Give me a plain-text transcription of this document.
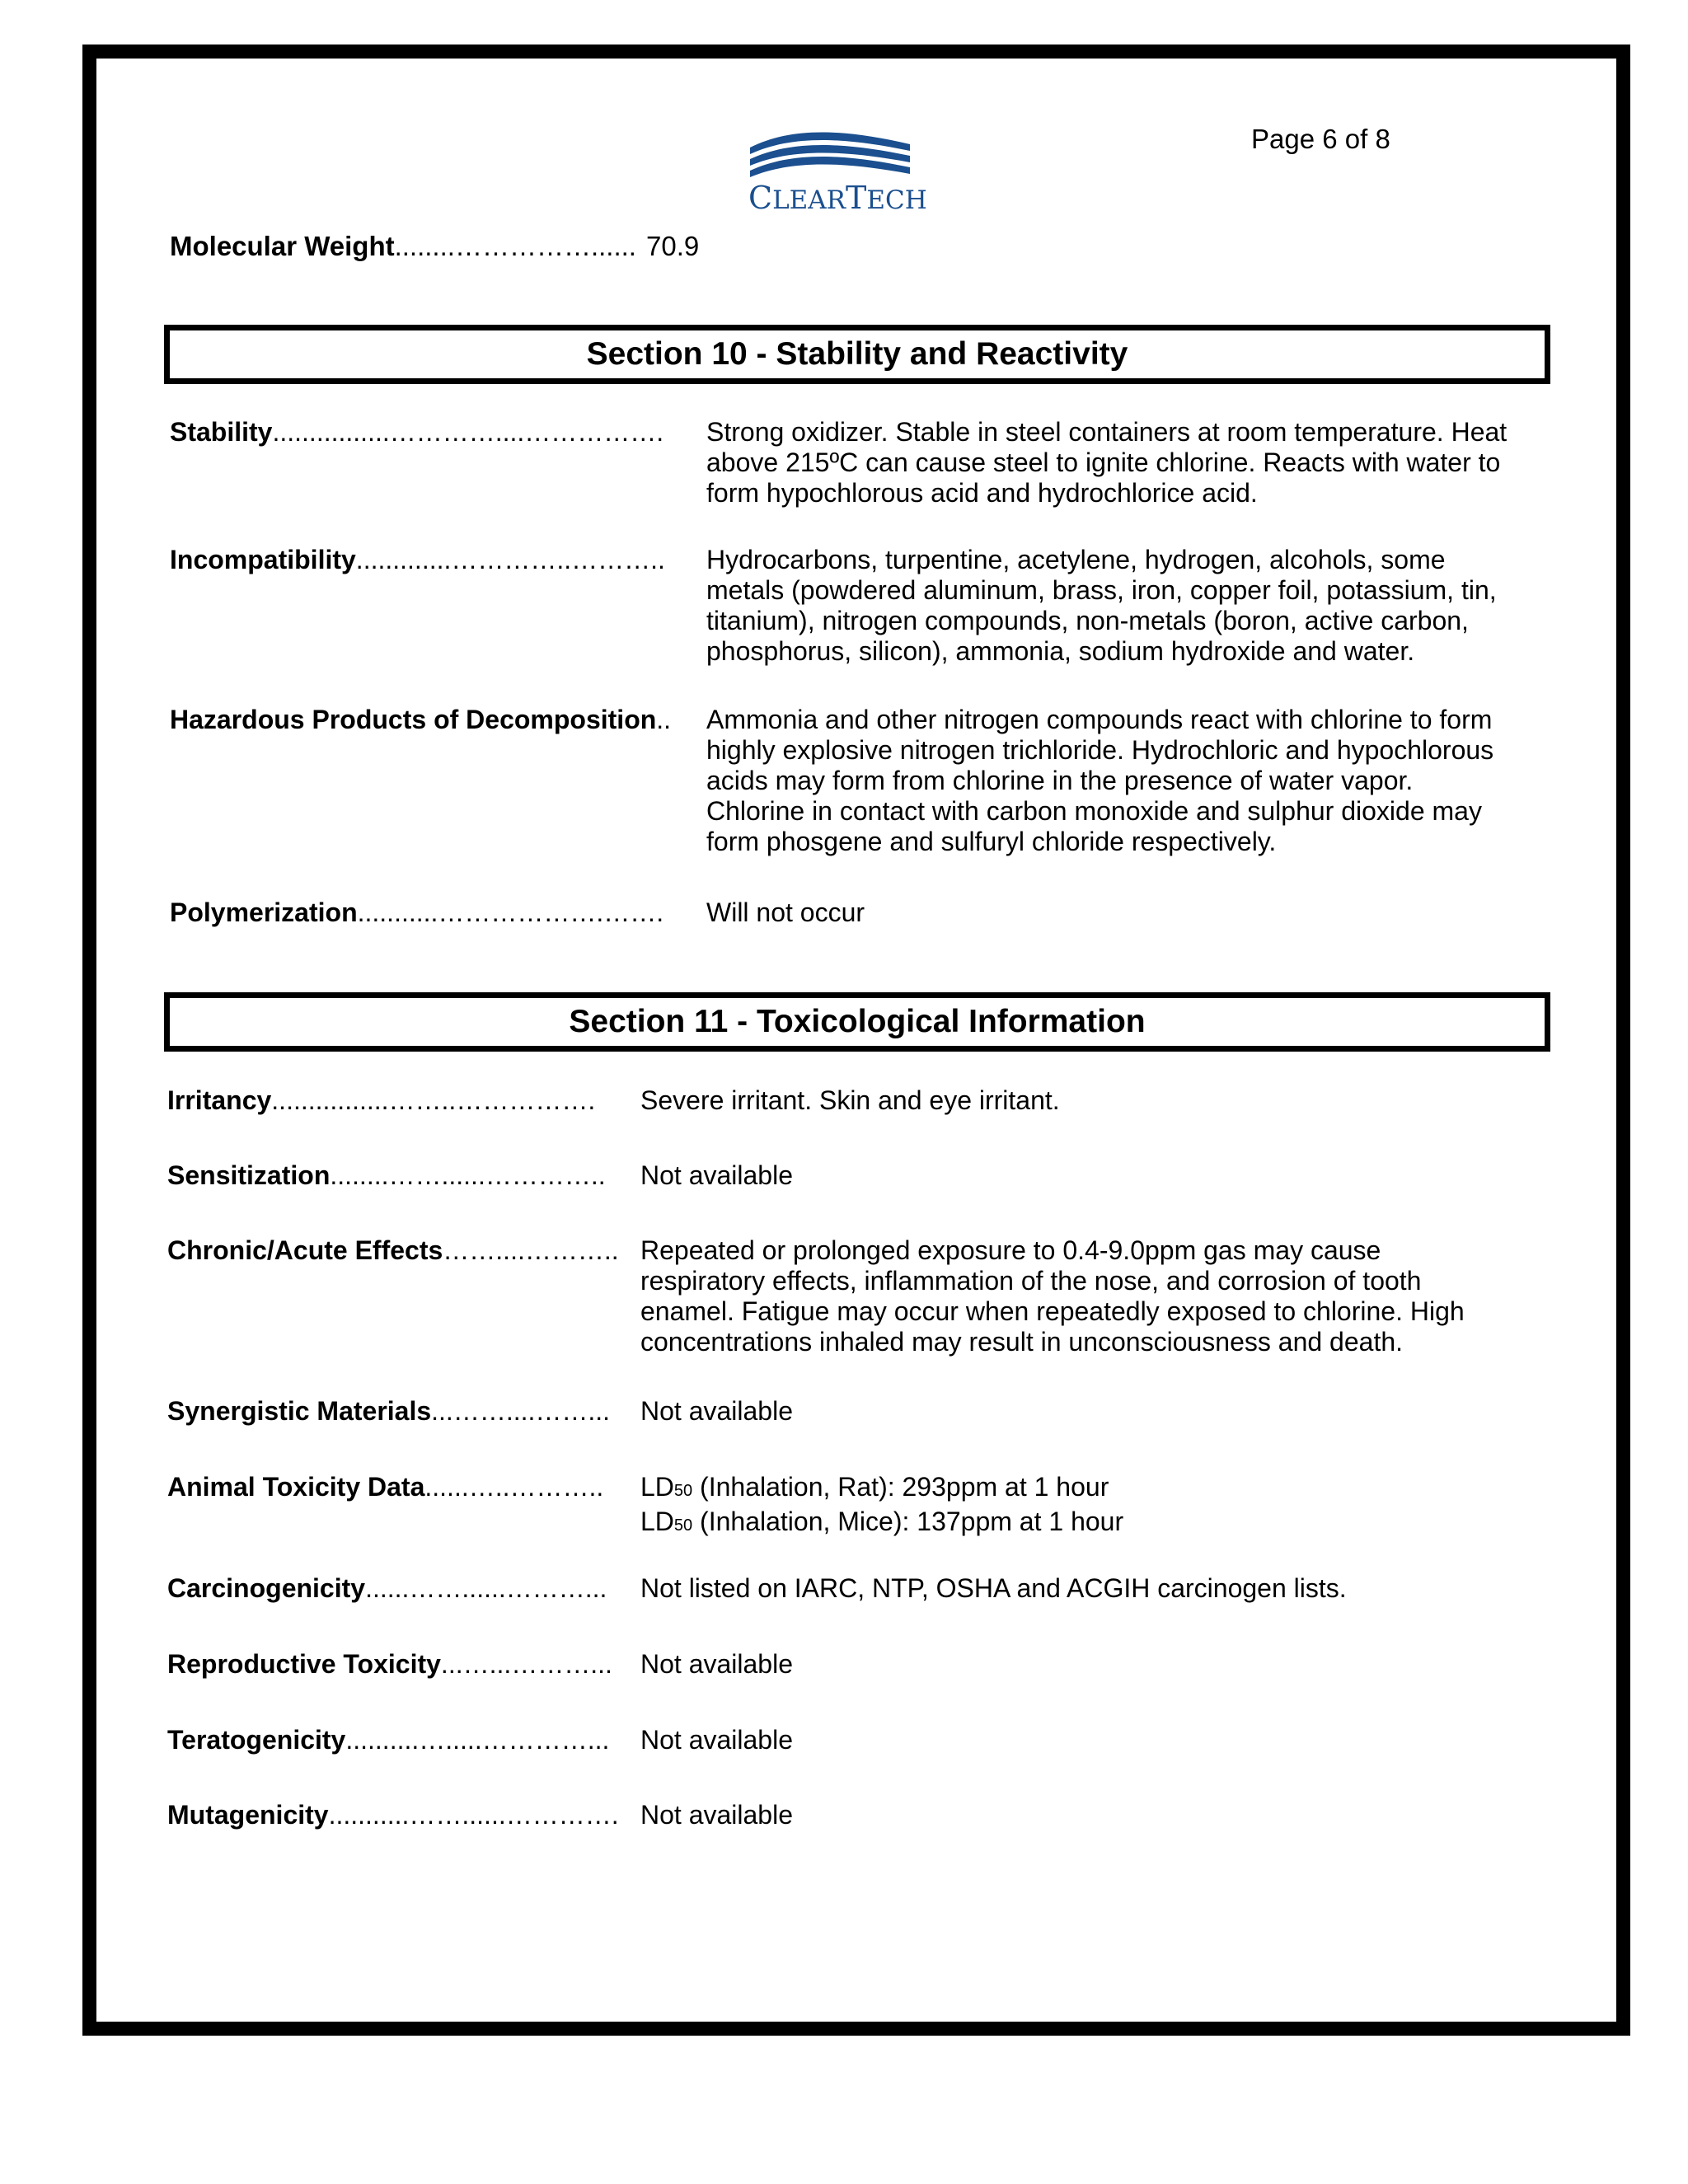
Page 6 of 8
CLEARTECH
Molecular Weight........……………...... 70.9
Section 10 - Stability and Reactivity
Stability................…………....……………. Strong oxidizer. Stable in steel containers at room temperature. Heat
above 215ºC can cause steel to ignite chlorine. Reacts with water to
form hypochlorous acid and hydrochlorice acid.
Incompatibility.............…………..……….. Hydrocarbons, turpentine, acetylene, hydrogen, alcohols, some
metals (powdered aluminum, brass, iron, copper foil, potassium, tin,
titanium), nitrogen compounds, non-metals (boron, active carbon,
phosphorus, silicon), ammonia, sodium hydroxide and water.
Hazardous Products of Decomposition.. Ammonia and other nitrogen compounds react with chlorine to form
highly explosive nitrogen trichloride. Hydrochloric and hypochlorous
acids may form from chlorine in the presence of water vapor.
Chlorine in contact with carbon monoxide and sulphur dioxide may
form phosgene and sulfuryl chloride respectively.
Polymerization...........……………….……. Will not occur
Section 11 - Toxicological Information
Irritancy................……..……………. Severe irritant. Skin and eye irritant.
Sensitization........……......………….. Not available
Chronic/Acute Effects……....……….. Repeated or prolonged exposure to 0.4-9.0ppm gas may cause
respiratory effects, inflammation of the nose, and corrosion of tooth
enamel. Fatigue may occur when repeatedly exposed to chlorine. High
concentrations inhaled may result in unconsciousness and death.
Synergistic Materials...……....……... Not available
Animal Toxicity Data......…..……….. LD50 (Inhalation, Rat): 293ppm at 1 hour
LD50 (Inhalation, Mice): 137ppm at 1 hour
Carcinogenicity......……......………... Not listed on IARC, NTP, OSHA and ACGIH carcinogen lists.
Reproductive Toxicity...…...………... Not available
Teratogenicity..........….....…………... Not available
Mutagenicity...........……......…………. Not available
